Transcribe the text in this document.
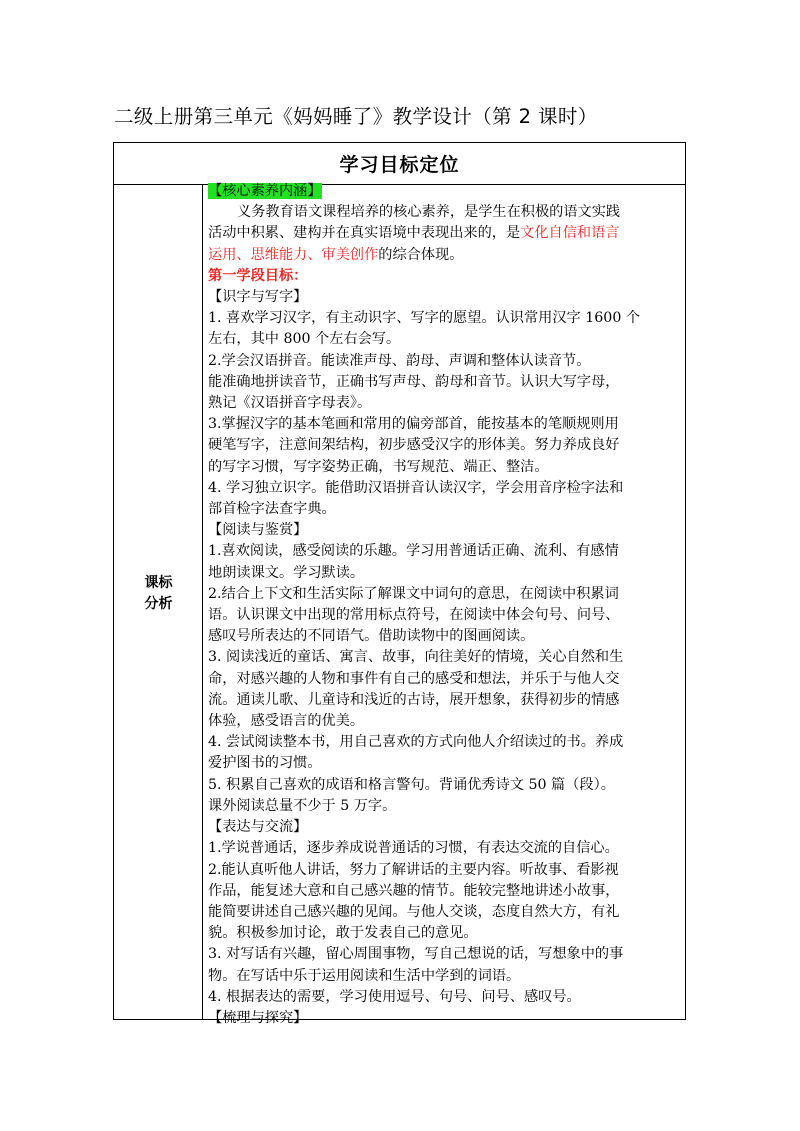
二级上册第三单元《妈妈睡了》教学设计（第 2 课时）
学习目标定位
课标
分析
【核心素养内涵】
义务教育语文课程培养的核心素养，是学生在积极的语文实践
活动中积累、建构并在真实语境中表现出来的，是文化自信和语言
运用、思维能力、审美创作的综合体现。
第一学段目标：
【识字与写字】
1. 喜欢学习汉字，有主动识字、写字的愿望。认识常用汉字 1600 个
左右，其中 800 个左右会写。
2.学会汉语拼音。能读准声母、韵母、声调和整体认读音节。
能准确地拼读音节，正确书写声母、韵母和音节。认识大写字母，
熟记《汉语拼音字母表》。
3.掌握汉字的基本笔画和常用的偏旁部首，能按基本的笔顺规则用
硬笔写字，注意间架结构，初步感受汉字的形体美。努力养成良好
的写字习惯，写字姿势正确，书写规范、端正、整洁。
4. 学习独立识字。能借助汉语拼音认读汉字，学会用音序检字法和
部首检字法查字典。
【阅读与鉴赏】
1.喜欢阅读，感受阅读的乐趣。学习用普通话正确、流利、有感情
地朗读课文。学习默读。
2.结合上下文和生活实际了解课文中词句的意思，在阅读中积累词
语。认识课文中出现的常用标点符号，在阅读中体会句号、问号、
感叹号所表达的不同语气。借助读物中的图画阅读。
3. 阅读浅近的童话、寓言、故事，向往美好的情境，关心自然和生
命，对感兴趣的人物和事件有自己的感受和想法，并乐于与他人交
流。通读儿歌、儿童诗和浅近的古诗，展开想象，获得初步的情感
体验，感受语言的优美。
4. 尝试阅读整本书，用自己喜欢的方式向他人介绍读过的书。养成
爱护图书的习惯。
5. 积累自己喜欢的成语和格言警句。背诵优秀诗文 50 篇（段）。
课外阅读总量不少于 5 万字。
【表达与交流】
1.学说普通话，逐步养成说普通话的习惯，有表达交流的自信心。
2.能认真听他人讲话，努力了解讲话的主要内容。听故事、看影视
作品，能复述大意和自己感兴趣的情节。能较完整地讲述小故事，
能简要讲述自己感兴趣的见闻。与他人交谈，态度自然大方，有礼
貌。积极参加讨论，敢于发表自己的意见。
3. 对写话有兴趣，留心周围事物，写自己想说的话，写想象中的事
物。在写话中乐于运用阅读和生活中学到的词语。
4. 根据表达的需要，学习使用逗号、句号、问号、感叹号。
【梳理与探究】
